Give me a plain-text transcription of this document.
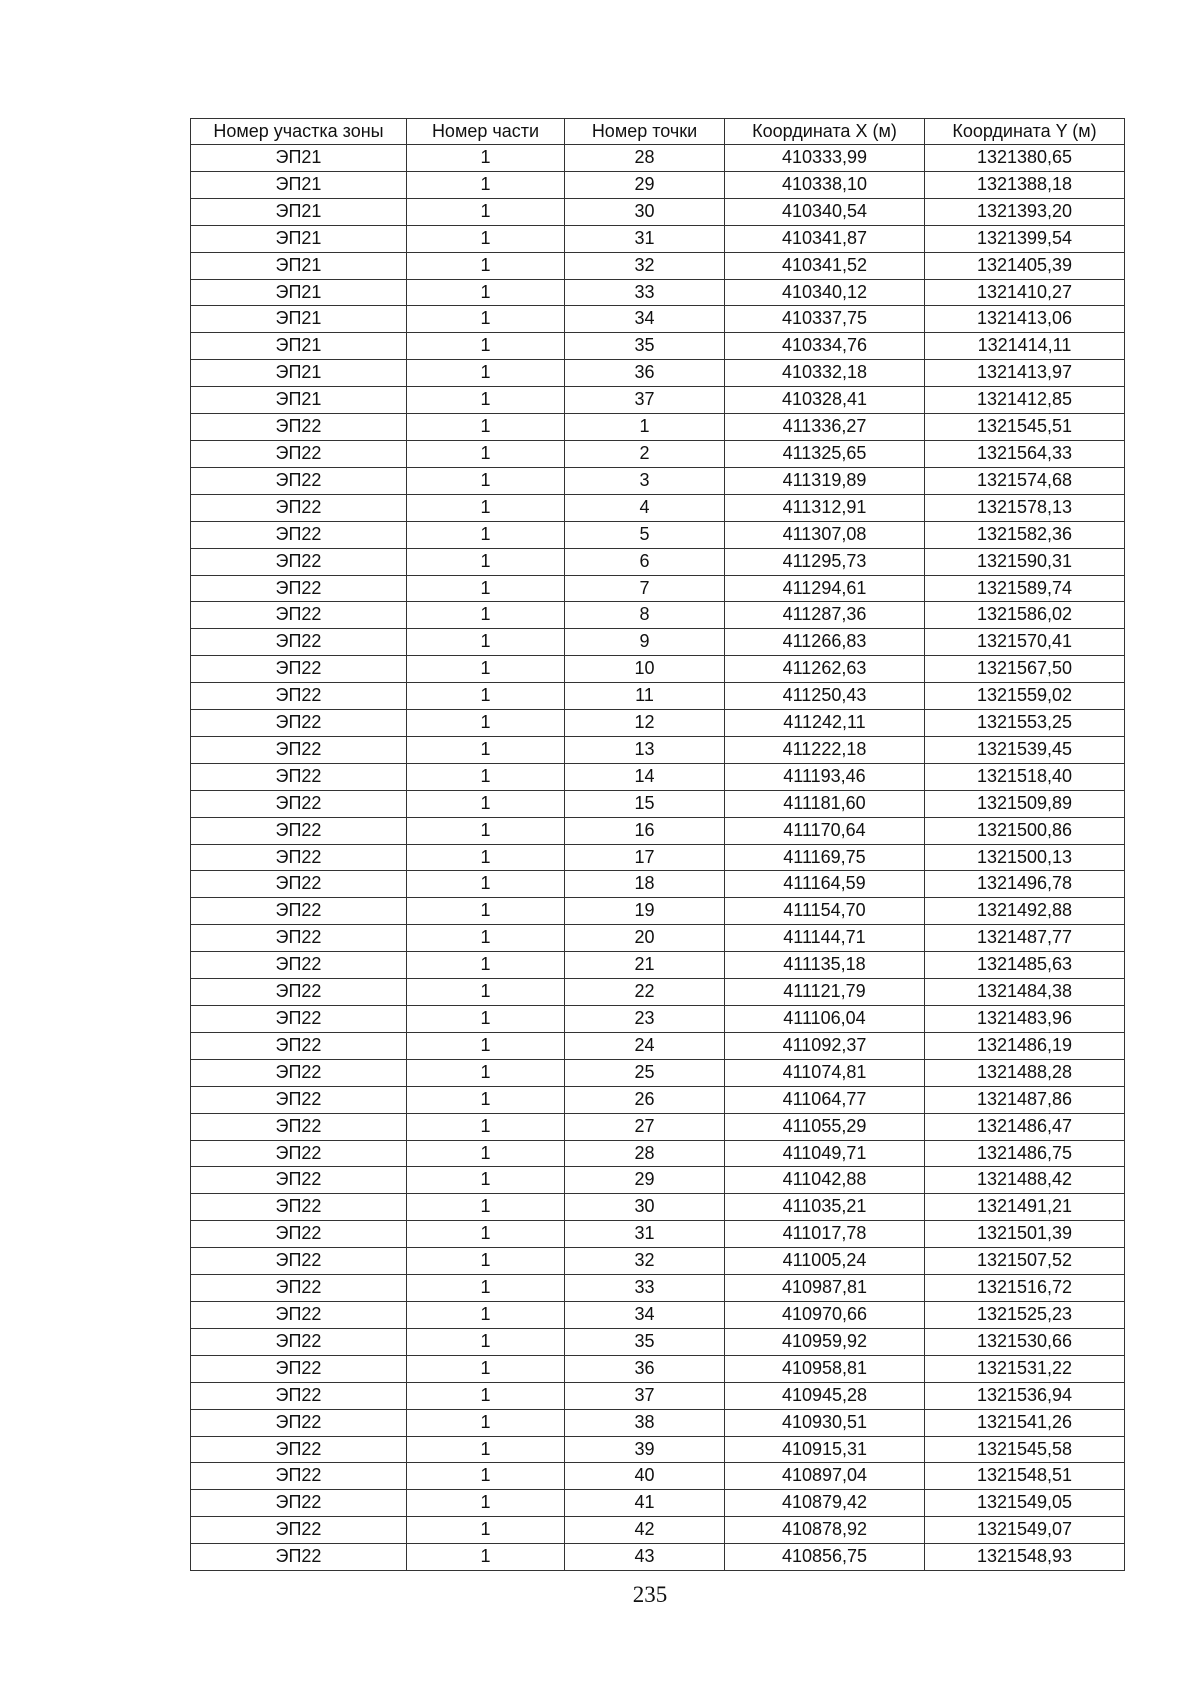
Номер участка зоны	Номер части	Номер точки	Координата X (м)	Координата Y (м)
ЭП21	1	28	410333,99	1321380,65
ЭП21	1	29	410338,10	1321388,18
ЭП21	1	30	410340,54	1321393,20
ЭП21	1	31	410341,87	1321399,54
ЭП21	1	32	410341,52	1321405,39
ЭП21	1	33	410340,12	1321410,27
ЭП21	1	34	410337,75	1321413,06
ЭП21	1	35	410334,76	1321414,11
ЭП21	1	36	410332,18	1321413,97
ЭП21	1	37	410328,41	1321412,85
ЭП22	1	1	411336,27	1321545,51
ЭП22	1	2	411325,65	1321564,33
ЭП22	1	3	411319,89	1321574,68
ЭП22	1	4	411312,91	1321578,13
ЭП22	1	5	411307,08	1321582,36
ЭП22	1	6	411295,73	1321590,31
ЭП22	1	7	411294,61	1321589,74
ЭП22	1	8	411287,36	1321586,02
ЭП22	1	9	411266,83	1321570,41
ЭП22	1	10	411262,63	1321567,50
ЭП22	1	11	411250,43	1321559,02
ЭП22	1	12	411242,11	1321553,25
ЭП22	1	13	411222,18	1321539,45
ЭП22	1	14	411193,46	1321518,40
ЭП22	1	15	411181,60	1321509,89
ЭП22	1	16	411170,64	1321500,86
ЭП22	1	17	411169,75	1321500,13
ЭП22	1	18	411164,59	1321496,78
ЭП22	1	19	411154,70	1321492,88
ЭП22	1	20	411144,71	1321487,77
ЭП22	1	21	411135,18	1321485,63
ЭП22	1	22	411121,79	1321484,38
ЭП22	1	23	411106,04	1321483,96
ЭП22	1	24	411092,37	1321486,19
ЭП22	1	25	411074,81	1321488,28
ЭП22	1	26	411064,77	1321487,86
ЭП22	1	27	411055,29	1321486,47
ЭП22	1	28	411049,71	1321486,75
ЭП22	1	29	411042,88	1321488,42
ЭП22	1	30	411035,21	1321491,21
ЭП22	1	31	411017,78	1321501,39
ЭП22	1	32	411005,24	1321507,52
ЭП22	1	33	410987,81	1321516,72
ЭП22	1	34	410970,66	1321525,23
ЭП22	1	35	410959,92	1321530,66
ЭП22	1	36	410958,81	1321531,22
ЭП22	1	37	410945,28	1321536,94
ЭП22	1	38	410930,51	1321541,26
ЭП22	1	39	410915,31	1321545,58
ЭП22	1	40	410897,04	1321548,51
ЭП22	1	41	410879,42	1321549,05
ЭП22	1	42	410878,92	1321549,07
ЭП22	1	43	410856,75	1321548,93
235
